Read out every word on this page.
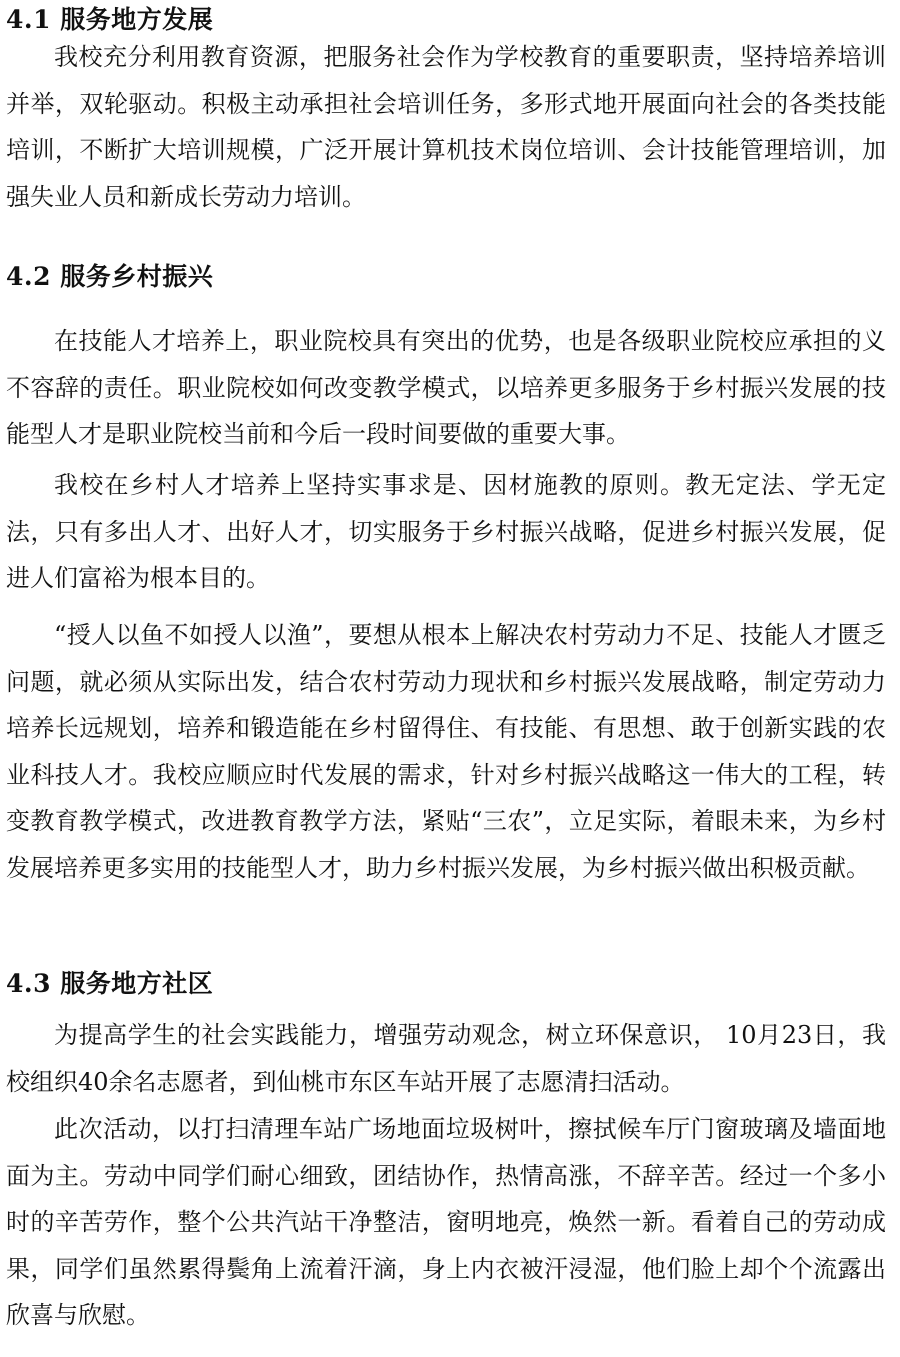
4.1 服务地方发展

我校充分利用教育资源，把服务社会作为学校教育的重要职责，坚持培养培训并举，双轮驱动。积极主动承担社会培训任务，多形式地开展面向社会的各类技能培训，不断扩大培训规模，广泛开展计算机技术岗位培训、会计技能管理培训，加强失业人员和新成长劳动力培训。

4.2 服务乡村振兴

在技能人才培养上，职业院校具有突出的优势，也是各级职业院校应承担的义不容辞的责任。职业院校如何改变教学模式，以培养更多服务于乡村振兴发展的技能型人才是职业院校当前和今后一段时间要做的重要大事。

我校在乡村人才培养上坚持实事求是、因材施教的原则。教无定法、学无定法，只有多出人才、出好人才，切实服务于乡村振兴战略，促进乡村振兴发展，促进人们富裕为根本目的。

“授人以鱼不如授人以渔”，要想从根本上解决农村劳动力不足、技能人才匮乏问题，就必须从实际出发，结合农村劳动力现状和乡村振兴发展战略，制定劳动力培养长远规划，培养和锻造能在乡村留得住、有技能、有思想、敢于创新实践的农业科技人才。我校应顺应时代发展的需求，针对乡村振兴战略这一伟大的工程，转变教育教学模式，改进教育教学方法，紧贴“三农”，立足实际，着眼未来，为乡村发展培养更多实用的技能型人才，助力乡村振兴发展，为乡村振兴做出积极贡献。

4.3 服务地方社区

为提高学生的社会实践能力，增强劳动观念，树立环保意识， 10月23日，我校组织40余名志愿者，到仙桃市东区车站开展了志愿清扫活动。

此次活动，以打扫清理车站广场地面垃圾树叶，擦拭候车厅门窗玻璃及墙面地面为主。劳动中同学们耐心细致，团结协作，热情高涨，不辞辛苦。经过一个多小时的辛苦劳作，整个公共汽站干净整洁，窗明地亮，焕然一新。看着自己的劳动成果，同学们虽然累得鬓角上流着汗滴，身上内衣被汗浸湿，他们脸上却个个流露出欣喜与欣慰。
